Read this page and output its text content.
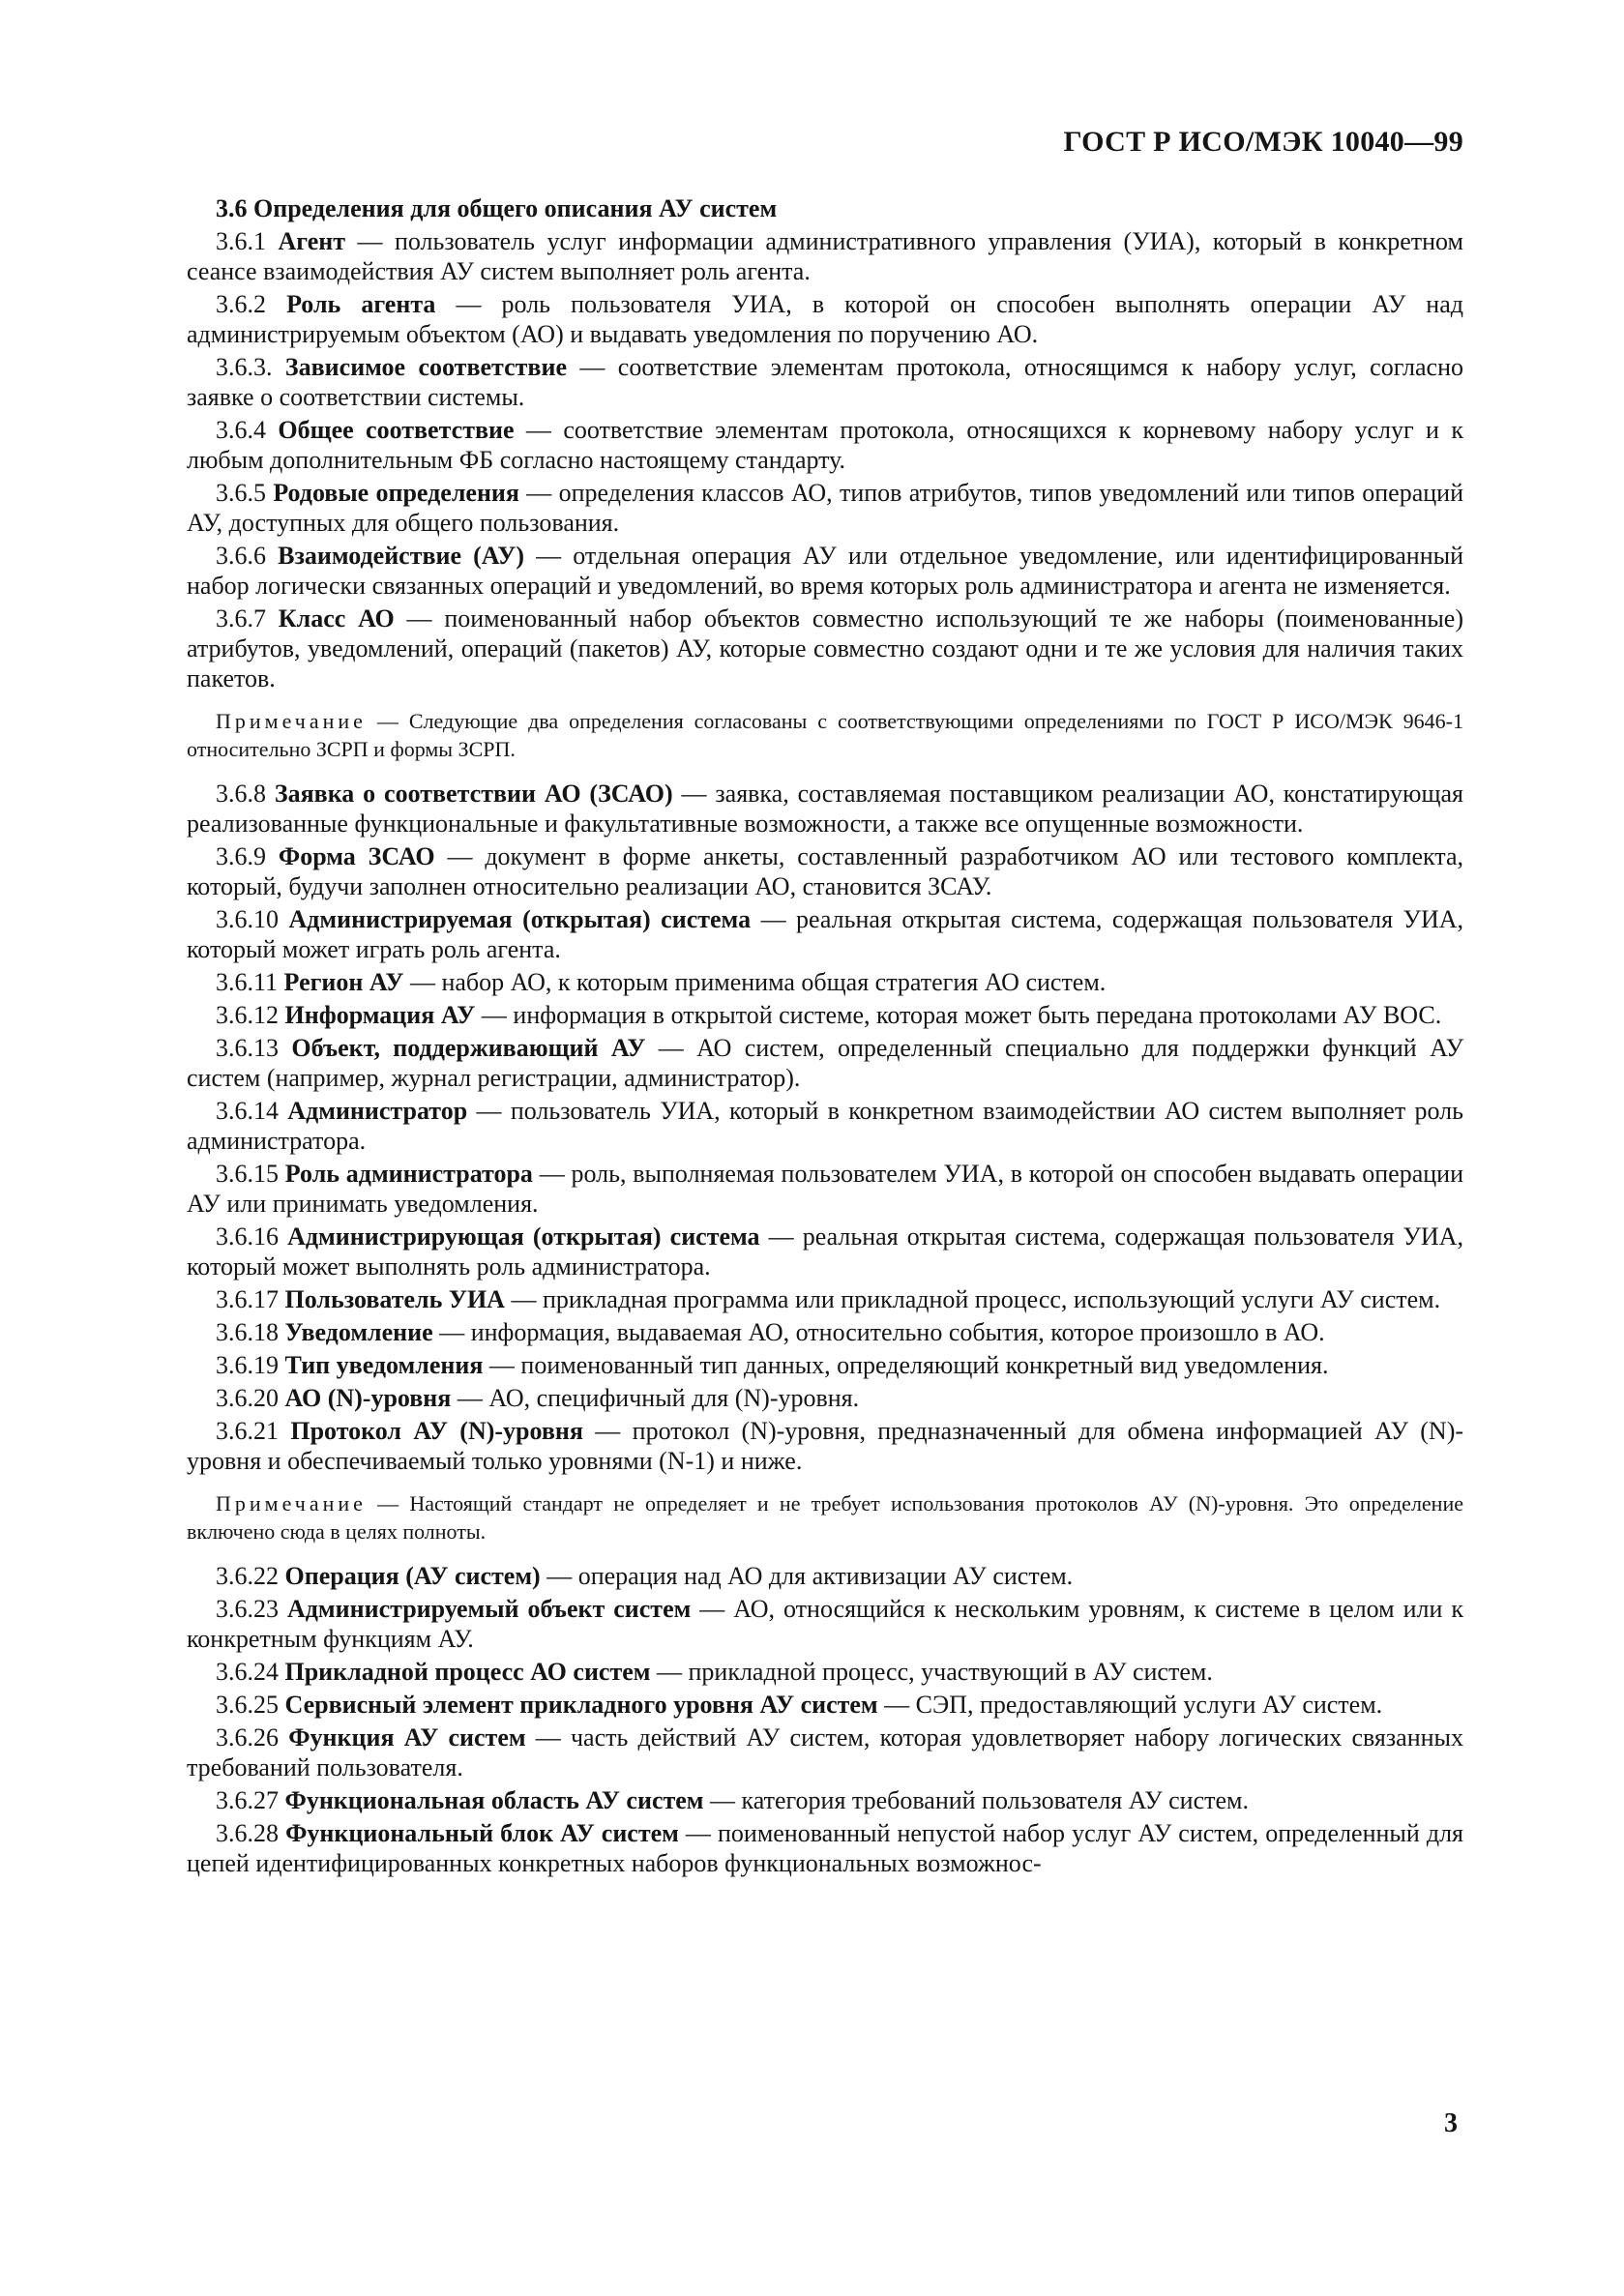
ГОСТ Р ИСО/МЭК 10040—99

3.6 Определения для общего описания АУ систем

3.6.1 Агент — пользователь услуг информации административного управления (УИА), который в конкретном сеансе взаимодействия АУ систем выполняет роль агента.

3.6.2 Роль агента — роль пользователя УИА, в которой он способен выполнять операции АУ над администрируемым объектом (АО) и выдавать уведомления по поручению АО.

3.6.3. Зависимое соответствие — соответствие элементам протокола, относящимся к набору услуг, согласно заявке о соответствии системы.

3.6.4 Общее соответствие — соответствие элементам протокола, относящихся к корневому набору услуг и к любым дополнительным ФБ согласно настоящему стандарту.

3.6.5 Родовые определения — определения классов АО, типов атрибутов, типов уведомлений или типов операций АУ, доступных для общего пользования.

3.6.6 Взаимодействие (АУ) — отдельная операция АУ или отдельное уведомление, или идентифицированный набор логически связанных операций и уведомлений, во время которых роль администратора и агента не изменяется.

3.6.7 Класс АО — поименованный набор объектов совместно использующий те же наборы (поименованные) атрибутов, уведомлений, операций (пакетов) АУ, которые совместно создают одни и те же условия для наличия таких пакетов.

Примечание — Следующие два определения согласованы с соответствующими определениями по ГОСТ Р ИСО/МЭК 9646-1 относительно ЗСРП и формы ЗСРП.

3.6.8 Заявка о соответствии АО (ЗСАО) — заявка, составляемая поставщиком реализации АО, констатирующая реализованные функциональные и факультативные возможности, а также все опущенные возможности.

3.6.9 Форма ЗСАО — документ в форме анкеты, составленный разработчиком АО или тестового комплекта, который, будучи заполнен относительно реализации АО, становится ЗСАУ.

3.6.10 Администрируемая (открытая) система — реальная открытая система, содержащая пользователя УИА, который может играть роль агента.

3.6.11 Регион АУ — набор АО, к которым применима общая стратегия АО систем.

3.6.12 Информация АУ — информация в открытой системе, которая может быть передана протоколами АУ ВОС.

3.6.13 Объект, поддерживающий АУ — АО систем, определенный специально для поддержки функций АУ систем (например, журнал регистрации, администратор).

3.6.14 Администратор — пользователь УИА, который в конкретном взаимодействии АО систем выполняет роль администратора.

3.6.15 Роль администратора — роль, выполняемая пользователем УИА, в которой он способен выдавать операции АУ или принимать уведомления.

3.6.16 Администрирующая (открытая) система — реальная открытая система, содержащая пользователя УИА, который может выполнять роль администратора.

3.6.17 Пользователь УИА — прикладная программа или прикладной процесс, использующий услуги АУ систем.

3.6.18 Уведомление — информация, выдаваемая АО, относительно события, которое произошло в АО.

3.6.19 Тип уведомления — поименованный тип данных, определяющий конкретный вид уведомления.

3.6.20 АО (N)-уровня — АО, специфичный для (N)-уровня.

3.6.21 Протокол АУ (N)-уровня — протокол (N)-уровня, предназначенный для обмена информацией АУ (N)-уровня и обеспечиваемый только уровнями (N-1) и ниже.

Примечание — Настоящий стандарт не определяет и не требует использования протоколов АУ (N)-уровня. Это определение включено сюда в целях полноты.

3.6.22 Операция (АУ систем) — операция над АО для активизации АУ систем.

3.6.23 Администрируемый объект систем — АО, относящийся к нескольким уровням, к системе в целом или к конкретным функциям АУ.

3.6.24 Прикладной процесс АО систем — прикладной процесс, участвующий в АУ систем.

3.6.25 Сервисный элемент прикладного уровня АУ систем — СЭП, предоставляющий услуги АУ систем.

3.6.26 Функция АУ систем — часть действий АУ систем, которая удовлетворяет набору логических связанных требований пользователя.

3.6.27 Функциональная область АУ систем — категория требований пользователя АУ систем.

3.6.28 Функциональный блок АУ систем — поименованный непустой набор услуг АУ систем, определенный для цепей идентифицированных конкретных наборов функциональных возможнос-

3
